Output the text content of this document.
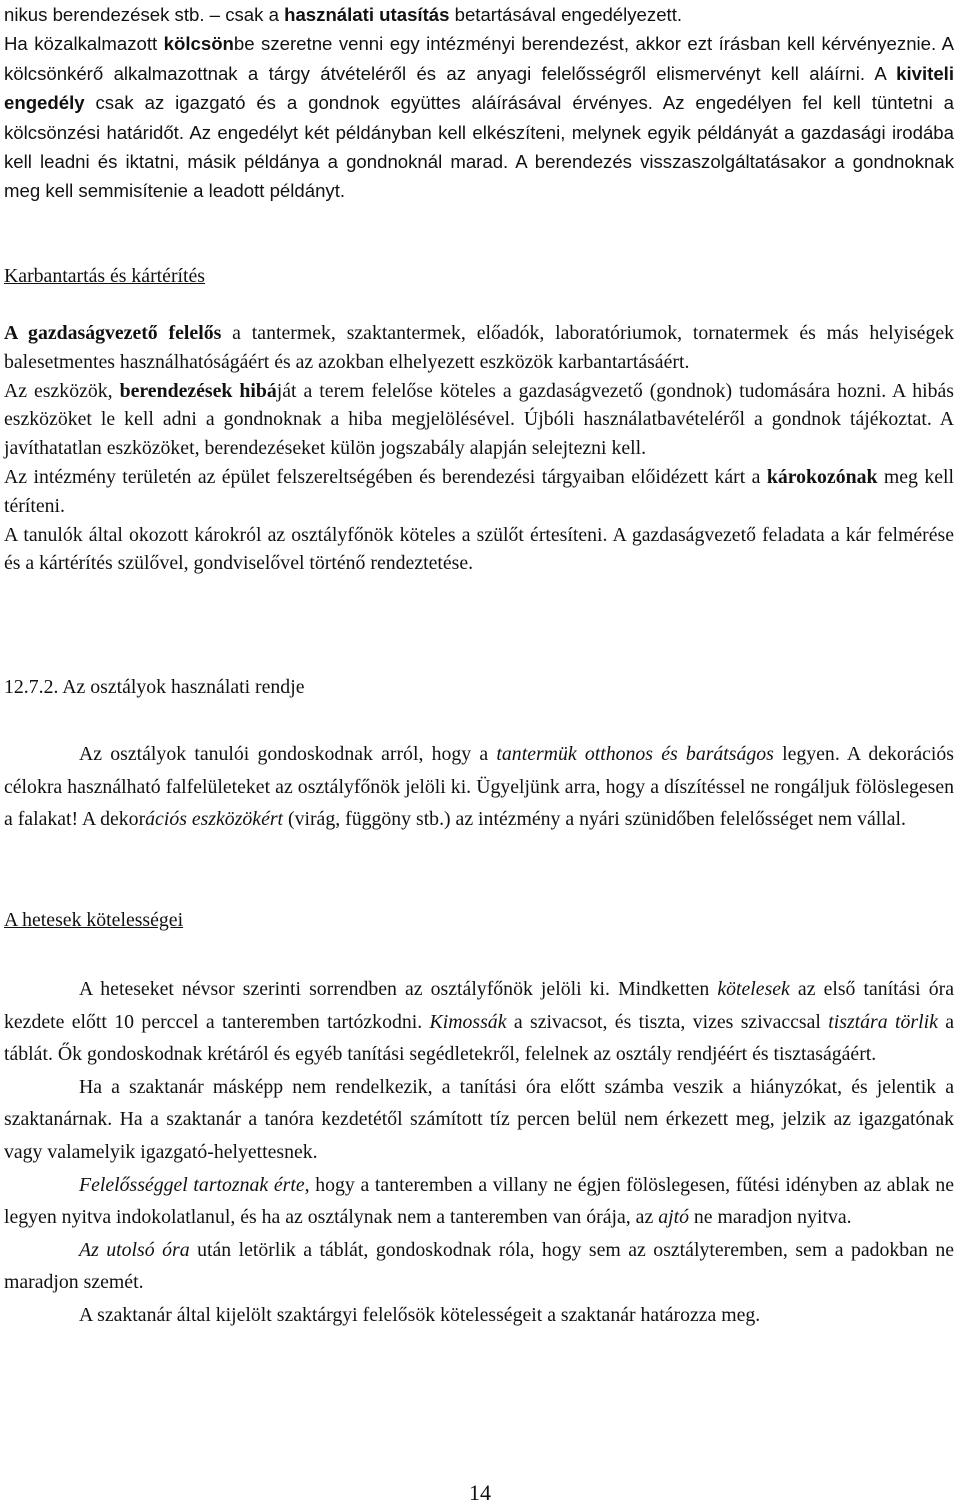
nikus berendezések stb. – csak a használati utasítás betartásával engedélyezett.

Ha közalkalmazott kölcsönbe szeretne venni egy intézményi berendezést, akkor ezt írásban kell kérvényeznie. A kölcsönkérő alkalmazottnak a tárgy átvételéről és az anyagi felelősségről elismervényt kell aláírni. A kiviteli engedély csak az igazgató és a gondnok együttes aláírásával érvényes. Az engedélyen fel kell tüntetni a kölcsönzési határidőt. Az engedélyt két példányban kell elkészíteni, melynek egyik példányát a gazdasági irodába kell leadni és iktatni, másik példánya a gondnoknál marad. A berendezés visszaszolgáltatásakor a gondnoknak meg kell semmisítenie a leadott példányt.

Karbantartás és kártérítés

A gazdaságvezető felelős a tantermek, szaktantermek, előadók, laboratóriumok, tornatermek és más helyiségek balesetmentes használhatóságáért és az azokban elhelyezett eszközök karbantartásáért.

Az eszközök, berendezések hibáját a terem felelőse köteles a gazdaságvezető (gondnok) tudomására hozni. A hibás eszközöket le kell adni a gondnoknak a hiba megjelölésével. Újbóli használatbavételéről a gondnok tájékoztat. A javíthatatlan eszközöket, berendezéseket külön jogszabály alapján selejtezni kell.

Az intézmény területén az épület felszereltségében és berendezési tárgyaiban előidézett kárt a károkozónak meg kell téríteni.

A tanulók által okozott károkról az osztályfőnök köteles a szülőt értesíteni. A gazdaságvezető feladata a kár felmérése és a kártérítés szülővel, gondviselővel történő rendeztetése.

12.7.2. Az osztályok használati rendje

Az osztályok tanulói gondoskodnak arról, hogy a tantermük otthonos és barátságos legyen. A dekorációs célokra használható falfelületeket az osztályfőnök jelöli ki. Ügyeljünk arra, hogy a díszítéssel ne rongáljuk fölöslegesen a falakat! A dekorációs eszközökért (virág, függöny stb.) az intézmény a nyári szünidőben felelősséget nem vállal.

A hetesek kötelességei

A heteseket névsor szerinti sorrendben az osztályfőnök jelöli ki. Mindketten kötelesek az első tanítási óra kezdete előtt 10 perccel a tanteremben tartózkodni. Kimossák a szivacsot, és tiszta, vizes szivaccsal tisztára törlik a táblát. Ők gondoskodnak krétáról és egyéb tanítási segédletekről, felelnek az osztály rendjéért és tisztaságáért.

Ha a szaktanár másképp nem rendelkezik, a tanítási óra előtt számba veszik a hiányzókat, és jelentik a szaktanárnak. Ha a szaktanár a tanóra kezdetétől számított tíz percen belül nem érkezett meg, jelzik az igazgatónak vagy valamelyik igazgató-helyettesnek.

Felelősséggel tartoznak érte, hogy a tanteremben a villany ne égjen fölöslegesen, fűtési idényben az ablak ne legyen nyitva indokolatlanul, és ha az osztálynak nem a tanteremben van órája, az ajtó ne maradjon nyitva.

Az utolsó óra után letörlik a táblát, gondoskodnak róla, hogy sem az osztályteremben, sem a padokban ne maradjon szemét.

A szaktanár által kijelölt szaktárgyi felelősök kötelességeit a szaktanár határozza meg.

14
